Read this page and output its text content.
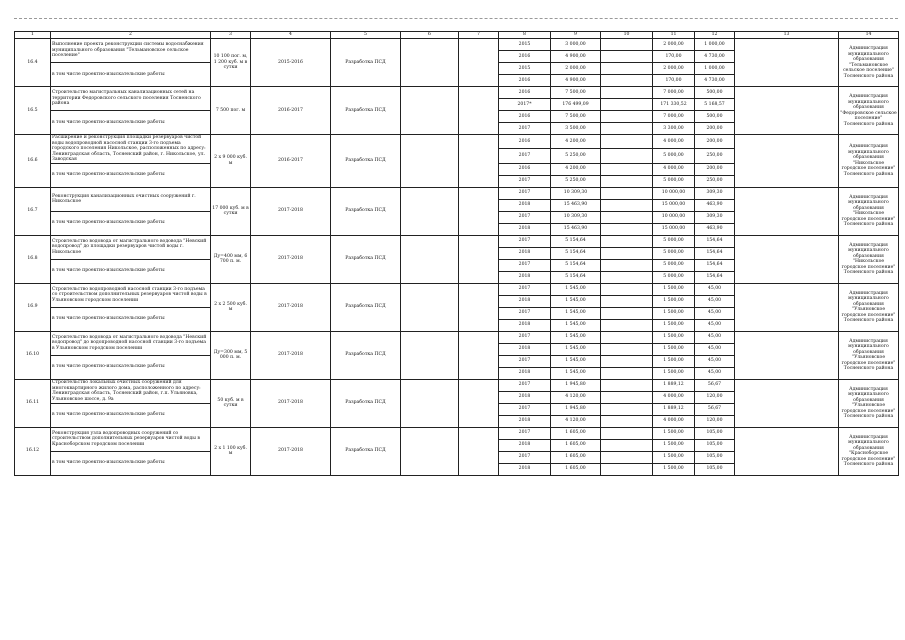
1	2	3	4	5	6	7	8	9	10	11	12	13	14	
16.4	Выполнение проекта реконструкции системы водоснабжения муниципального образования "Тельмановское сельское поселение"	10 100 пог. м, 1 200 куб. м в сутки	2015-2016	Разработка ПСД			2015	3 000,00		2 000,00	1 000,00		Администрация муниципального образования "Тельмановское сельское поселение" Тосненского района	
							2016	4 900,00		170,00	4 730,00			
	в том числе проектно-изыскательские работы						2015	2 000,00		2 000,00	1 000,00			
							2016	4 900,00		170,00	4 730,00			
16.5	Строительство магистральных канализационных сетей на территории Федоровского сельского поселения Тосненского района	7 500 пог. м	2016-2017	Разработка ПСД			2016	7 500,00		7 000,00	500,00		Администрация муниципального образования "Федоровское сельское поселение" Тосненского района	
							2017*	176 499,09		171 330,52	5 168,57			
	в том числе проектно-изыскательские работы						2016	7 500,00		7 000,00	500,00			
							2017	3 500,00		3 300,00	200,00			
16.6	Расширение и реконструкция площадки резервуаров чистой воды водопроводной насосной станции 3-го подъема городского поселения Никольское, расположенных по адресу: Ленинградская область, Тосненский район, г. Никольское, ул. Заводская	2 х 9 000 куб. м	2016-2017	Разработка ПСД			2016	4 200,00		4 000,00	200,00		Администрация муниципального образования "Никольское городское поселение" Тосненского района	
							2017	5 250,00		5 000,00	250,00			
	в том числе проектно-изыскательские работы						2016	4 200,00		4 000,00	200,00			
							2017	5 250,00		5 000,00	250,00			
16.7	Реконструкция канализационных очистных сооружений г. Никольское	17 000 куб. м в сутки	2017-2018	Разработка ПСД			2017	10 309,30		10 000,00	309,30		Администрация муниципального образования "Никольское городское поселение" Тосненского района	
							2018	15 463,90		15 000,00	463,90			
	в том числе проектно-изыскательские работы						2017	10 309,30		10 000,00	309,30			
							2018	15 463,90		15 000,00	463,90			
16.8	Строительство водовода от магистрального водовода "Невский водопровод" до площадки резервуаров чистой воды г. Никольское	Ду=400 мм, 6 700 п. м.	2017-2018	Разработка ПСД			2017	5 154,64		5 000,00	154,64		Администрация муниципального образования "Никольское городское поселение" Тосненского района	
							2018	5 154,64		5 000,00	154,64			
	в том числе проектно-изыскательские работы						2017	5 154,64		5 000,00	154,64			
							2018	5 154,64		5 000,00	154,64			
16.9	Строительство водопроводной насосной станции 3-го подъема со строительством дополнительных резервуаров чистой воды в Ульяновском городском поселении	2 х 2 500 куб. м	2017-2018	Разработка ПСД			2017	1 545,00		1 500,00	45,00		Администрация муниципального образования "Ульяновское городское поселение" Тосненского района	
							2018	1 545,00		1 500,00	45,00			
	в том числе проектно-изыскательские работы						2017	1 545,00		1 500,00	45,00			
							2018	1 545,00		1 500,00	45,00			
16.10	Строительство водовода от магистрального водовода "Невский водопровод" до водопроводной насосной станции 3-го подъема в Ульяновском городском поселении	Ду=300 мм, 5 000 п. м.	2017-2018	Разработка ПСД			2017	1 545,00		1 500,00	45,00		Администрация муниципального образования "Ульяновское городское поселение" Тосненского района	
							2018	1 545,00		1 500,00	45,00			
	в том числе проектно-изыскательские работы						2017	1 545,00		1 500,00	45,00			
							2018	1 545,00		1 500,00	45,00			
16.11	Строительство локальных очистных сооружений для многоквартирного жилого дома, расположенного по адресу: Ленинградская область, Тосненский район, г.п. Ульяновка, Ульяновское шоссе, д. 9а	50 куб. м в сутки	2017-2018	Разработка ПСД			2017	1 945,80		1 889,12	56,67		Администрация муниципального образования "Ульяновское городское поселение" Тосненского района	
							2018	4 120,00		4 000,00	120,00			
	в том числе проектно-изыскательские работы						2017	1 945,80		1 889,12	56,67			
							2018	4 120,00		4 000,00	120,00			
16.12	Реконструкция узла водопроводных сооружений со строительством дополнительных резервуаров чистой воды в Красноборском городском поселении	2 х 1 100 куб. м	2017-2018	Разработка ПСД			2017	1 605,00		1 500,00	105,00		Администрация муниципального образования "Красноборское городское поселение" Тосненского района	
							2018	1 605,00		1 500,00	105,00			
	в том числе проектно-изыскательские работы						2017	1 605,00		1 500,00	105,00			
							2018	1 605,00		1 500,00	105,00			
